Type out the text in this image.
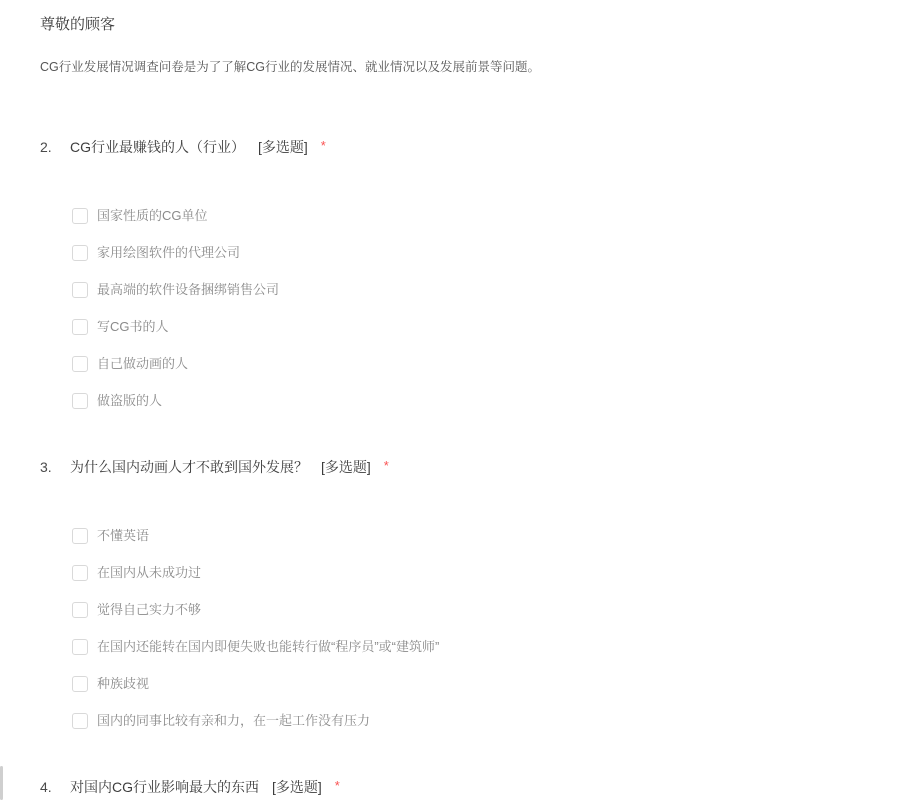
尊敬的顾客
CG行业发展情况调查问卷是为了了解CG行业的发展情况、就业情况以及发展前景等问题。
2.	CG行业最赚钱的人（行业） [多选题] *
国家性质的CG单位
家用绘图软件的代理公司
最高端的软件设备捆绑销售公司
写CG书的人
自己做动画的人
做盗版的人
3.	为什么国内动画人才不敢到国外发展？ [多选题] *
不懂英语
在国内从未成功过
觉得自己实力不够
在国内还能转在国内即便失败也能转行做“程序员”或“建筑师”
种族歧视
国内的同事比较有亲和力，在一起工作没有压力
4.	对国内CG行业影响最大的东西 [多选题] *
